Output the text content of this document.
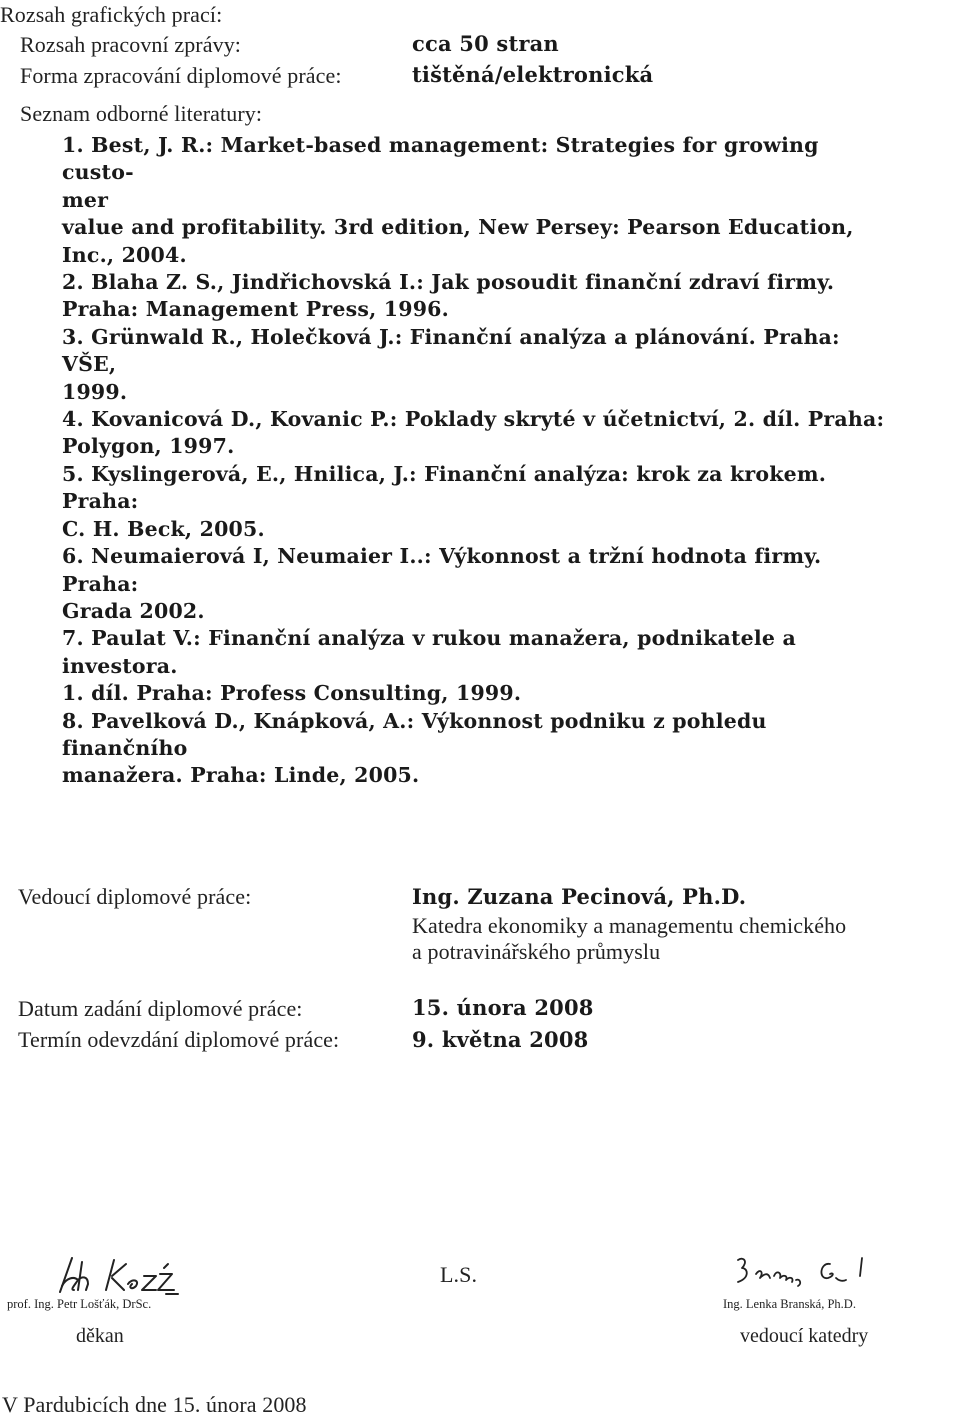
Rozsah grafických prací:
Rozsah pracovní zprávy:	cca 50 stran
Forma zpracování diplomové práce:	tištěná/elektronická
Seznam odborné literatury:
1. Best, J. R.: Market-based management: Strategies for growing custo-
mer
value and profitability. 3rd edition, New Persey: Pearson Education,
Inc., 2004.
2. Blaha Z. S., Jindřichovská I.: Jak posoudit finanční zdraví firmy.
Praha: Management Press, 1996.
3. Grünwald R., Holečková J.: Finanční analýza a plánování. Praha: VŠE,
1999.
4. Kovanicová D., Kovanic P.: Poklady skryté v účetnictví, 2. díl. Praha:
Polygon, 1997.
5. Kyslingerová, E., Hnilica, J.: Finanční analýza: krok za krokem. Praha:
C. H. Beck, 2005.
6. Neumaierová I, Neumaier I..: Výkonnost a tržní hodnota firmy. Praha:
Grada 2002.
7. Paulat V.: Finanční analýza v rukou manažera, podnikatele a investora.
1. díl. Praha: Profess Consulting, 1999.
8. Pavelková D., Knápková, A.: Výkonnost podniku z pohledu finančního
manažera. Praha: Linde, 2005.
Vedoucí diplomové práce:	Ing. Zuzana Pecinová, Ph.D.
Katedra ekonomiky a managementu chemického
a potravinářského průmyslu
Datum zadání diplomové práce:	15. února 2008
Termín odevzdání diplomové práce:	9. května 2008
prof. Ing. Petr Lošťák, DrSc.
děkan
L.S.
Ing. Lenka Branská, Ph.D.
vedoucí katedry
V Pardubicích dne 15. února 2008
